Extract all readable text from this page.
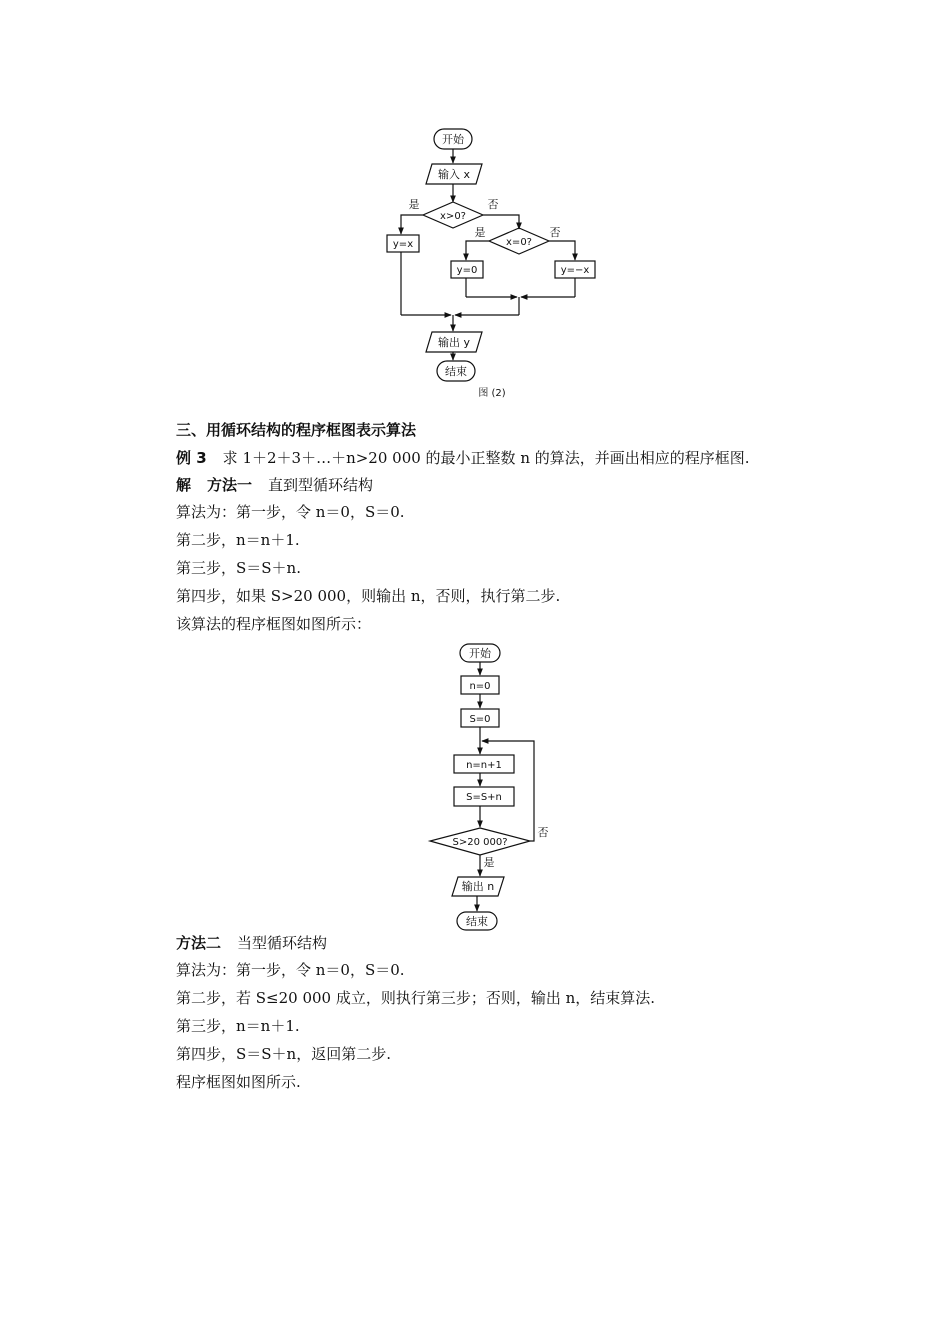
开始
输入 x
x>0?
是	否
y=x	x=0?
是	否
y=0	y=−x
输出 y
结束
图 (2)
三、用循环结构的程序框图表示算法
例 3 求 1＋2＋3＋…＋n>20 000 的最小正整数 n 的算法，并画出相应的程序框图.
解 方法一 直到型循环结构
算法为：第一步，令 n＝0，S＝0.
第二步，n＝n＋1.
第三步，S＝S＋n.
第四步，如果 S>20 000，则输出 n，否则，执行第二步.
该算法的程序框图如图所示：
开始
n=0
S=0
n=n+1
S=S+n
S>20 000?
否
是
输出 n
结束
方法二 当型循环结构
算法为：第一步，令 n＝0，S＝0.
第二步，若 S≤20 000 成立，则执行第三步；否则，输出 n，结束算法.
第三步，n＝n＋1.
第四步，S＝S＋n，返回第二步.
程序框图如图所示.
